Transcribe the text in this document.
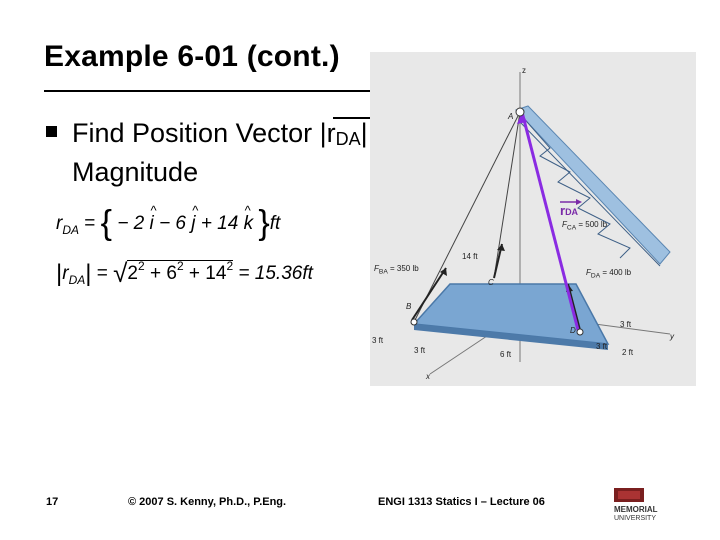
Example 6-01 (cont.)
Find Position Vector |
rDA|
Magnitude
$r_{DA}$ = { − 2 ^ i − 6 ^ j + 14 ^ k }ft
$|r_{DA}| = √2^2 + 6^2 + 14^2 = 15.36ft$
z
A
B
C
D
x
y
$F_{CA} = 500$ lb
$F_{BA} = 350$ lb	$F_{DA} = 400$ lb
14 ft
3 ft
3 ft
3 ft
3 ft
6 ft	2 ft
rDA
17	© 2007 S. Kenny, Ph.D., P.Eng.	ENGI 1313 Statics I – Lecture 06
MEMORIAL
UNIVERSITY
